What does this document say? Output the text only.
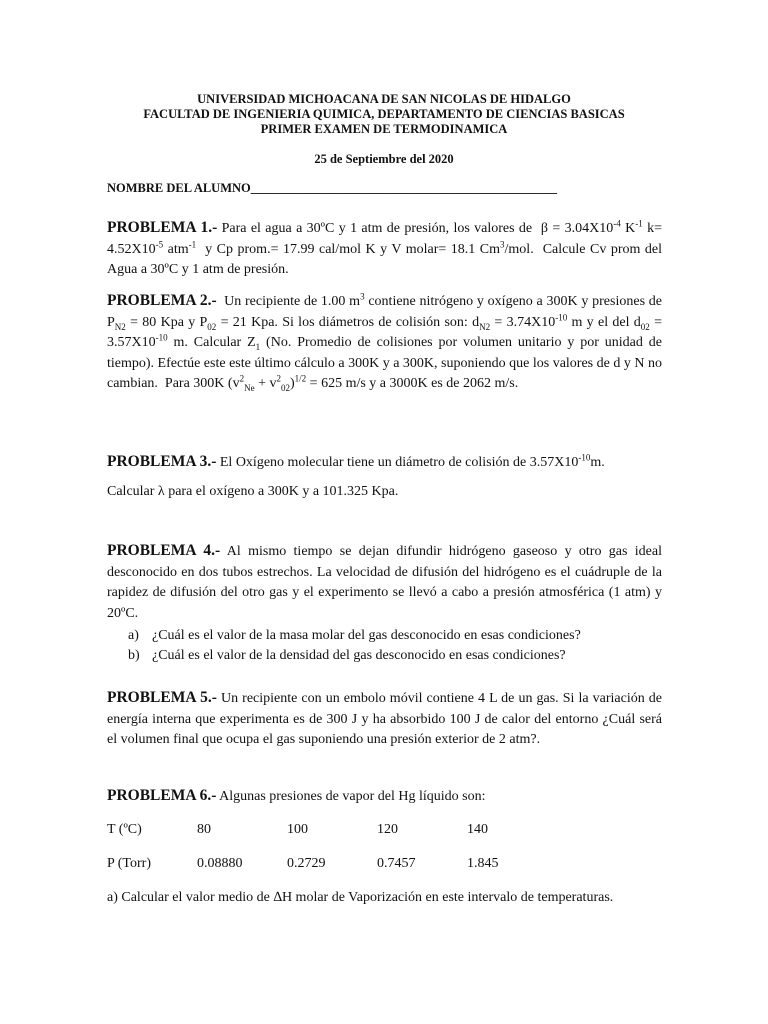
UNIVERSIDAD MICHOACANA DE SAN NICOLAS DE HIDALGO
FACULTAD DE INGENIERIA QUIMICA, DEPARTAMENTO DE CIENCIAS BASICAS
PRIMER EXAMEN DE TERMODINAMICA
25 de Septiembre del 2020
NOMBRE DEL ALUMNO_________________________________________________
PROBLEMA 1.- Para el agua a 30ºC y 1 atm de presión, los valores de  $\beta = 3.04X10^{-4}$ $K^{-1}$ $k= 4.52X10^{-5}$ atm$^{-1}$  y Cp prom.= 17.99 cal/mol K y V molar= 18.1 Cm$^3$/mol.  Calcule Cv prom del Agua a 30ºC y 1 atm de presión.
PROBLEMA 2.-  Un recipiente de 1.00 $m^3$ contiene nitrógeno y oxígeno a 300K y presiones de $P_{N2} = 80$ Kpa y $P_{02} = 21$ Kpa. Si los diámetros de colisión son: $d_{N2} = 3.74X10^{-10}$ m y el del $d_{02} = 3.57X10^{-10}$ m. Calcular $Z_1$ (No. Promedio de colisiones por volumen unitario y por unidad de tiempo). Efectúe este este último cálculo a 300K y a 300K, suponiendo que los valores de d y N no cambian.  Para 300K $(v^2_{Ne} + v^2_{02})^{1/2} = 625$ m/s y a 3000K es de 2062 m/s.
PROBLEMA 3.- El Oxígeno molecular tiene un diámetro de colisión de $3.57X10^{-10}m$.
Calcular λ para el oxígeno a 300K y a 101.325 Kpa.
PROBLEMA 4.- Al mismo tiempo se dejan difundir hidrógeno gaseoso y otro gas ideal desconocido en dos tubos estrechos. La velocidad de difusión del hidrógeno es el cuádruple de la rapidez de difusión del otro gas y el experimento se llevó a cabo a presión atmosférica (1 atm) y 20ºC.
a) ¿Cuál es el valor de la masa molar del gas desconocido en esas condiciones?
b) ¿Cuál es el valor de la densidad del gas desconocido en esas condiciones?
PROBLEMA 5.- Un recipiente con un embolo móvil contiene 4 L de un gas. Si la variación de energía interna que experimenta es de 300 J y ha absorbido 100 J de calor del entorno ¿Cuál será el volumen final que ocupa el gas suponiendo una presión exterior de 2 atm?.
PROBLEMA 6.- Algunas presiones de vapor del Hg líquido son:
T (ºC)	80	100	120	140
P (Torr)	0.08880	0.2729	0.7457	1.845
a) Calcular el valor medio de ∆H molar de Vaporización en este intervalo de temperaturas.
